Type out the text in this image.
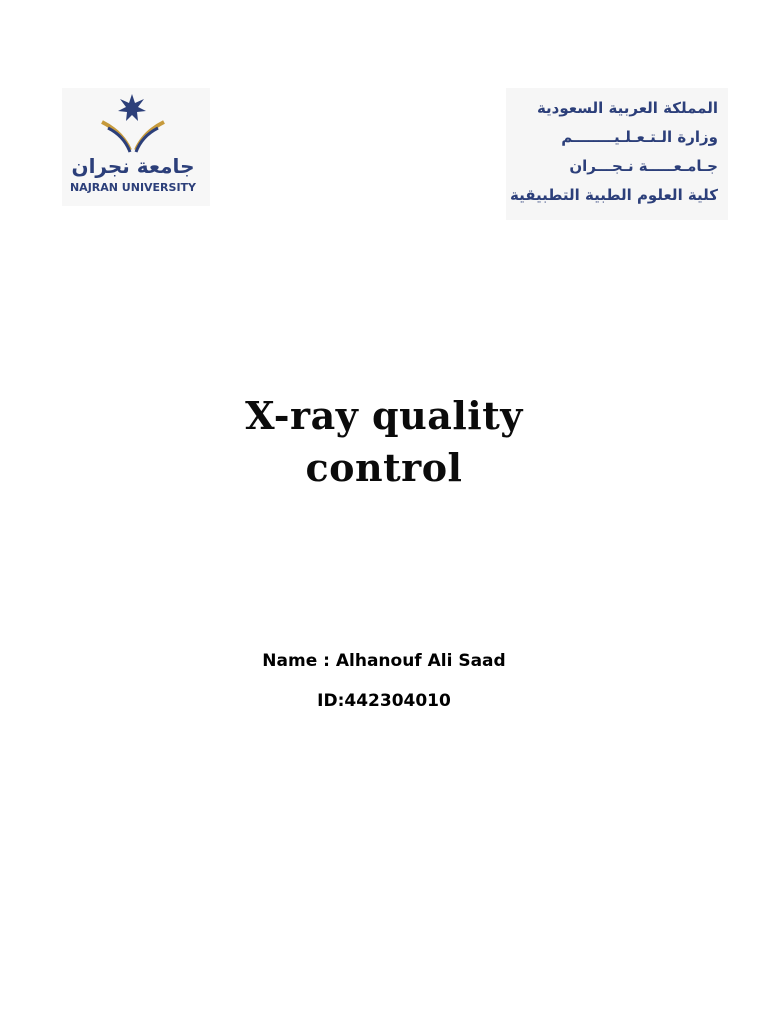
جامعة نجران
NAJRAN UNIVERSITY
المملكة العربية السعودية
وزارة الـتـعـلـيــــــــم
جـامـعـــــة نـجـــران
كلية العلوم الطبية التطبيقية
X-ray quality
control
Name : Alhanouf Ali Saad
ID:442304010
